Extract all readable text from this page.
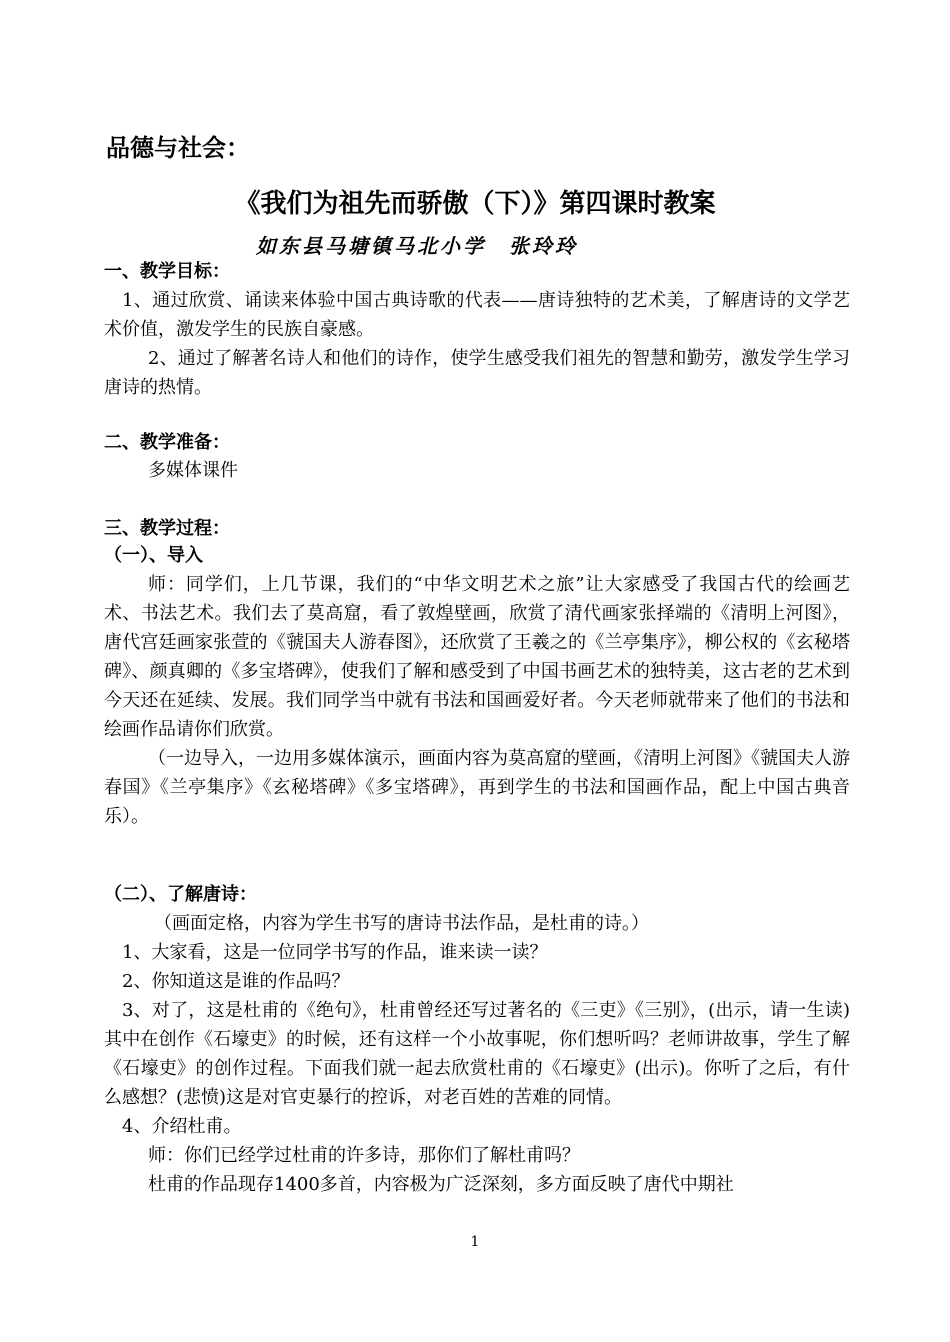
品德与社会：
《我们为祖先而骄傲（下）》第四课时教案
如东县马塘镇马北小学　张玲玲
一、教学目标：

1、通过欣赏、诵读来体验中国古典诗歌的代表——唐诗独特的艺术美，了解唐诗的文学艺术价值，激发学生的民族自豪感。

2、通过了解著名诗人和他们的诗作，使学生感受我们祖先的智慧和勤劳，激发学生学习唐诗的热情。

二、教学准备：

多媒体课件

三、教学过程：
（一）、导入

师：同学们，上几节课，我们的“中华文明艺术之旅”让大家感受了我国古代的绘画艺术、书法艺术。我们去了莫高窟，看了敦煌壁画，欣赏了清代画家张择端的《清明上河图》，唐代宫廷画家张萱的《虢国夫人游春图》，还欣赏了王羲之的《兰亭集序》，柳公权的《玄秘塔碑》、颜真卿的《多宝塔碑》，使我们了解和感受到了中国书画艺术的独特美，这古老的艺术到今天还在延续、发展。我们同学当中就有书法和国画爱好者。今天老师就带来了他们的书法和绘画作品请你们欣赏。

（一边导入，一边用多媒体演示，画面内容为莫高窟的壁画，《清明上河图》《虢国夫人游春国》《兰亭集序》《玄秘塔碑》《多宝塔碑》，再到学生的书法和国画作品，配上中国古典音乐）。

（二）、了解唐诗：

（画面定格，内容为学生书写的唐诗书法作品，是杜甫的诗。）

1、大家看，这是一位同学书写的作品，谁来读一读？

2、你知道这是谁的作品吗？

3、对了，这是杜甫的《绝句》，杜甫曾经还写过著名的《三吏》《三别》，(出示，请一生读)其中在创作《石壕吏》的时候，还有这样一个小故事呢，你们想听吗？老师讲故事，学生了解《石壕吏》的创作过程。下面我们就一起去欣赏杜甫的《石壕吏》(出示)。你听了之后，有什么感想？(悲愤)这是对官吏暴行的控诉，对老百姓的苦难的同情。

4、介绍杜甫。

师：你们已经学过杜甫的许多诗，那你们了解杜甫吗？

杜甫的作品现存1400多首，内容极为广泛深刻，多方面反映了唐代中期社

1
